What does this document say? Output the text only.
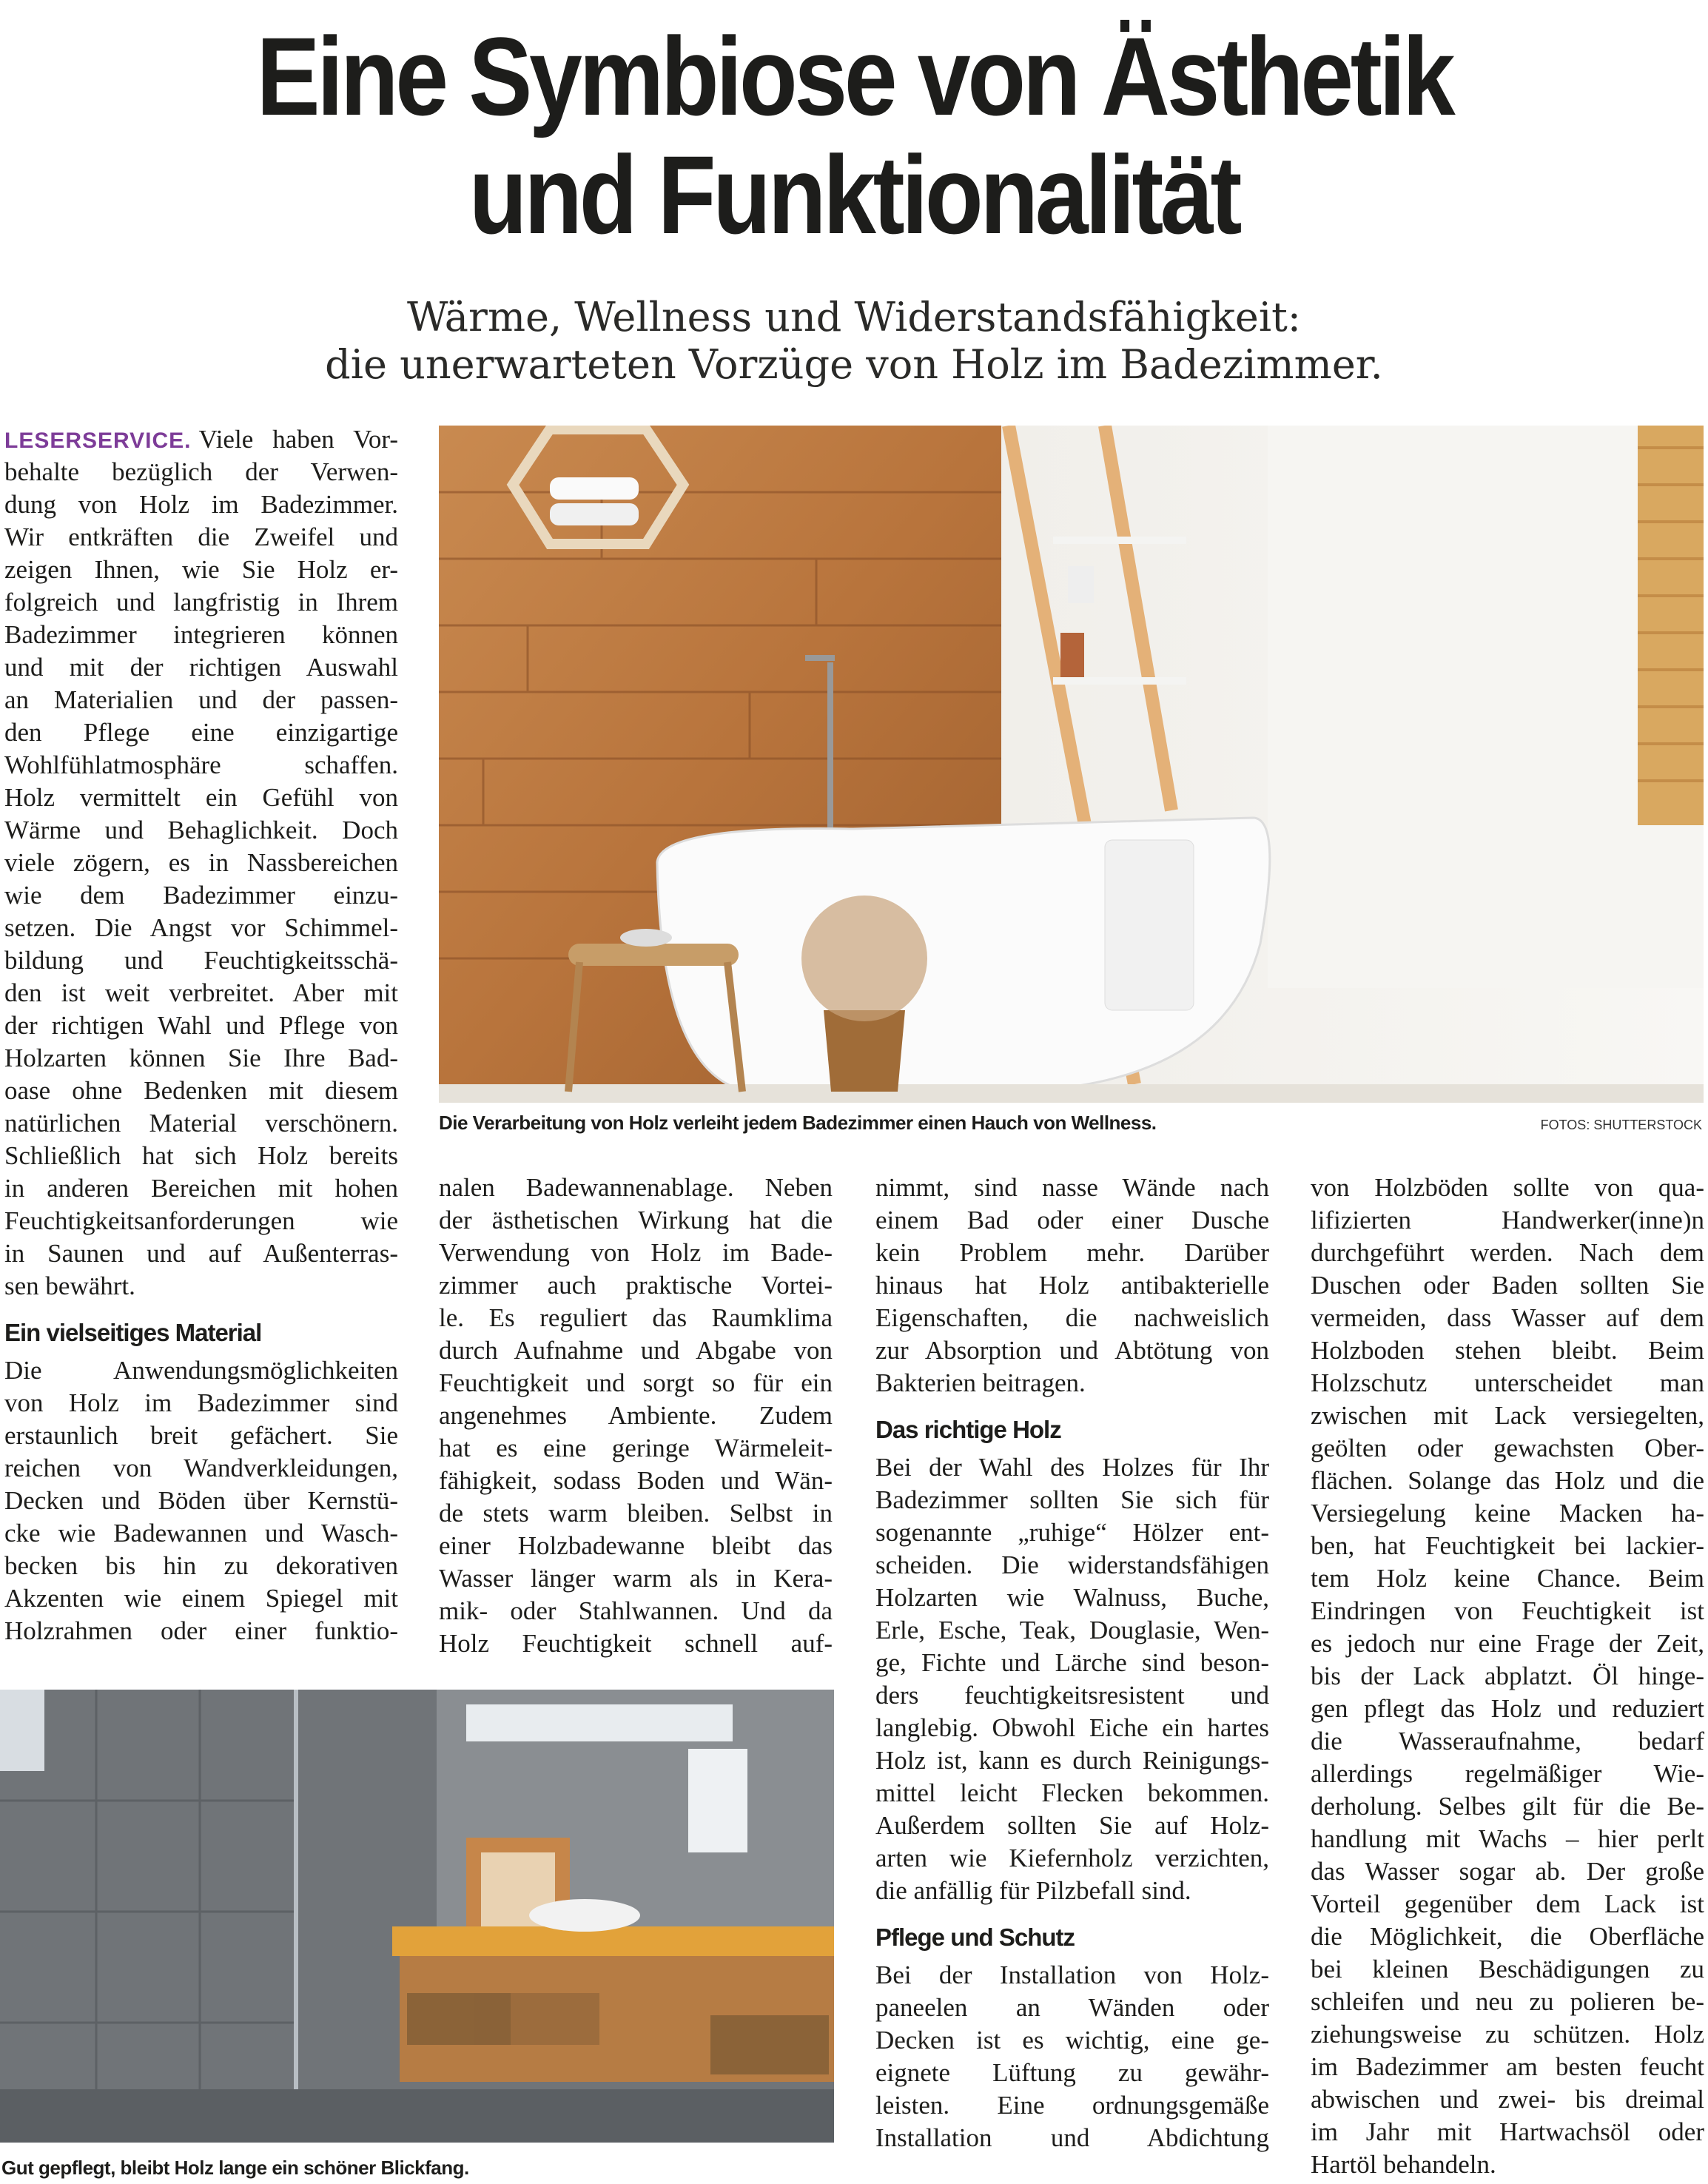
Eine Symbiose von Ästhetik
und Funktionalität
Wärme, Wellness und Widerstandsfähigkeit:
die unerwarteten Vorzüge von Holz im Badezimmer.
Die Verarbeitung von Holz verleiht jedem Badezimmer einen Hauch von Wellness.	FOTOS: SHUTTERSTOCK
Gut gepflegt, bleibt Holz lange ein schöner Blickfang.
LESERSERVICE. Viele haben Vor-
behalte bezüglich der Verwen-
dung von Holz im Badezimmer.
Wir entkräften die Zweifel und
zeigen Ihnen, wie Sie Holz er-
folgreich und langfristig in Ihrem
Badezimmer integrieren können
und mit der richtigen Auswahl
an Materialien und der passen-
den Pflege eine einzigartige
Wohlfühlatmosphäre schaffen.
Holz vermittelt ein Gefühl von
Wärme und Behaglichkeit. Doch
viele zögern, es in Nassbereichen
wie dem Badezimmer einzu-
setzen. Die Angst vor Schimmel-
bildung und Feuchtigkeitsschä-
den ist weit verbreitet. Aber mit
der richtigen Wahl und Pflege von
Holzarten können Sie Ihre Bad-
oase ohne Bedenken mit diesem
natürlichen Material verschönern.
Schließlich hat sich Holz bereits
in anderen Bereichen mit hohen
Feuchtigkeitsanforderungen wie
in Saunen und auf Außenterras-
sen bewährt.
Ein vielseitiges Material
Die Anwendungsmöglichkeiten
von Holz im Badezimmer sind
erstaunlich breit gefächert. Sie
reichen von Wandverkleidungen,
Decken und Böden über Kernstü-
cke wie Badewannen und Wasch-
becken bis hin zu dekorativen
Akzenten wie einem Spiegel mit
Holzrahmen oder einer funktio-
nalen Badewannenablage. Neben
der ästhetischen Wirkung hat die
Verwendung von Holz im Bade-
zimmer auch praktische Vortei-
le. Es reguliert das Raumklima
durch Aufnahme und Abgabe von
Feuchtigkeit und sorgt so für ein
angenehmes Ambiente. Zudem
hat es eine geringe Wärmeleit-
fähigkeit, sodass Boden und Wän-
de stets warm bleiben. Selbst in
einer Holzbadewanne bleibt das
Wasser länger warm als in Kera-
mik- oder Stahlwannen. Und da
Holz Feuchtigkeit schnell auf-
nimmt, sind nasse Wände nach
einem Bad oder einer Dusche
kein Problem mehr. Darüber
hinaus hat Holz antibakterielle
Eigenschaften, die nachweislich
zur Absorption und Abtötung von
Bakterien beitragen.
Das richtige Holz
Bei der Wahl des Holzes für Ihr
Badezimmer sollten Sie sich für
sogenannte „ruhige“ Hölzer ent-
scheiden. Die widerstandsfähigen
Holzarten wie Walnuss, Buche,
Erle, Esche, Teak, Douglasie, Wen-
ge, Fichte und Lärche sind beson-
ders feuchtigkeitsresistent und
langlebig. Obwohl Eiche ein hartes
Holz ist, kann es durch Reinigungs-
mittel leicht Flecken bekommen.
Außerdem sollten Sie auf Holz-
arten wie Kiefernholz verzichten,
die anfällig für Pilzbefall sind.
Pflege und Schutz
Bei der Installation von Holz-
paneelen an Wänden oder
Decken ist es wichtig, eine ge-
eignete Lüftung zu gewähr-
leisten. Eine ordnungsgemäße
Installation und Abdichtung
von Holzböden sollte von qua-
lifizierten Handwerker(inne)n
durchgeführt werden. Nach dem
Duschen oder Baden sollten Sie
vermeiden, dass Wasser auf dem
Holzboden stehen bleibt. Beim
Holzschutz unterscheidet man
zwischen mit Lack versiegelten,
geölten oder gewachsten Ober-
flächen. Solange das Holz und die
Versiegelung keine Macken ha-
ben, hat Feuchtigkeit bei lackier-
tem Holz keine Chance. Beim
Eindringen von Feuchtigkeit ist
es jedoch nur eine Frage der Zeit,
bis der Lack abplatzt. Öl hinge-
gen pflegt das Holz und reduziert
die Wasseraufnahme, bedarf
allerdings regelmäßiger Wie-
derholung. Selbes gilt für die Be-
handlung mit Wachs – hier perlt
das Wasser sogar ab. Der große
Vorteil gegenüber dem Lack ist
die Möglichkeit, die Oberfläche
bei kleinen Beschädigungen zu
schleifen und neu zu polieren be-
ziehungsweise zu schützen. Holz
im Badezimmer am besten feucht
abwischen und zwei- bis dreimal
im Jahr mit Hartwachsöl oder
Hartöl behandeln.
